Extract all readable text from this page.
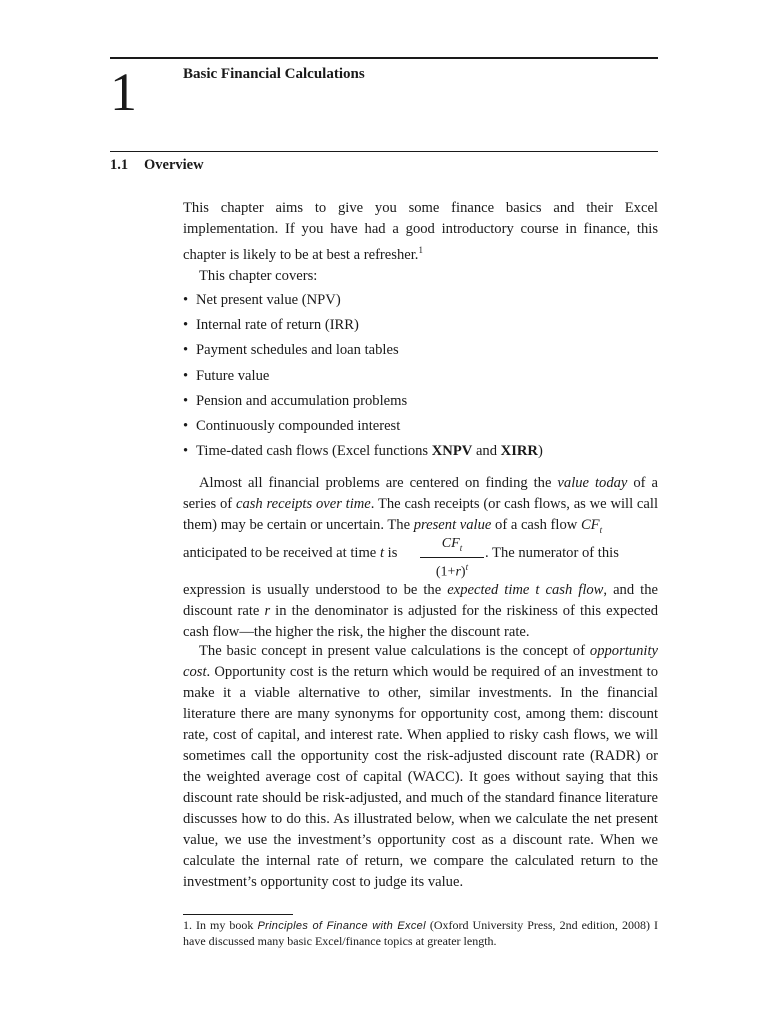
1	Basic Financial Calculations
1.1 Overview

This chapter aims to give you some finance basics and their Excel implementation. If you have had a good introductory course in finance, this chapter is likely to be at best a refresher.$^1$

This chapter covers:

• Net present value (NPV)
• Internal rate of return (IRR)
• Payment schedules and loan tables
• Future value
• Pension and accumulation problems
• Continuously compounded interest
• Time-dated cash flows (Excel functions XNPV and XIRR)

Almost all financial problems are centered on finding the value today of a series of cash receipts over time. The cash receipts (or cash flows, as we will call them) may be certain or uncertain. The present value of a cash flow $CF_t$

anticipated to be received at time t is
$CF_t$
$(1+r)^t$
. The numerator of this

expression is usually understood to be the expected time t cash flow, and the discount rate r in the denominator is adjusted for the riskiness of this expected cash flow—the higher the risk, the higher the discount rate.

The basic concept in present value calculations is the concept of opportunity cost. Opportunity cost is the return which would be required of an investment to make it a viable alternative to other, similar investments. In the financial literature there are many synonyms for opportunity cost, among them: discount rate, cost of capital, and interest rate. When applied to risky cash flows, we will sometimes call the opportunity cost the risk-adjusted discount rate (RADR) or the weighted average cost of capital (WACC). It goes without saying that this discount rate should be risk-adjusted, and much of the standard finance literature discusses how to do this. As illustrated below, when we calculate the net present value, we use the investment’s opportunity cost as a discount rate. When we calculate the internal rate of return, we compare the calculated return to the investment’s opportunity cost to judge its value.

1. In my book Principles of Finance with Excel (Oxford University Press, 2nd edition, 2008) I have discussed many basic Excel/finance topics at greater length.
